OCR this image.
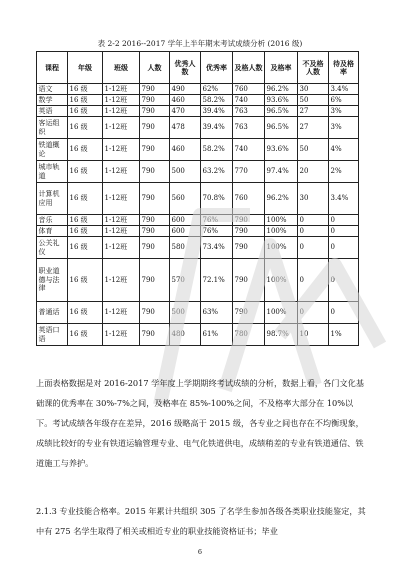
表 2-2 2016--2017 学年上半年期末考试成绩分析 (2016 级)
课程	年级	班级	人数	优秀人数	优秀率	及格人数	及格率	不及格人数	待及格率
语文	16 级	1-12班	790	490	62%	760	96.2%	30	3.4%
数学	16 级	1-12班	790	460	58.2%	740	93.6%	50	6%
英语	16 级	1-12班	790	470	39.4%	763	96.5%	27	3%
客运组织	16 级	1-12班	790	478	39.4%	763	96.5%	27	3%
铁道概论	16 级	1-12班	790	460	58.2%	740	93.6%	50	4%
城市轨道	16 级	1-12班	790	500	63.2%	770	97.4%	20	2%
计算机应用	16 级	1-12班	790	560	70.8%	760	96.2%	30	3.4%
音乐	16 级	1-12班	790	600	76%	790	100%	0	0
体育	16 级	1-12班	790	600	76%	790	100%	0	0
公关礼仪	16 级	1-12班	790	580	73.4%	790	100%	0	0
职业道德与法律	16 级	1-12班	790	570	72.1%	790	100%	0	0
普通话	16 级	1-12班	790	500	63%	790	100%	0	0
英语口语	16 级	1-12班	790	480	61%	780	98.7%	10	1%

上面表格数据是对 2016-2017 学年度上学期期终考试成绩的分析，数据上看，各门文化基础课的优秀率在 30%-7%之间，及格率在 85%-100%之间，不及格率大部分在 10%以下。考试成绩各年级存在差异，2016 级略高于 2015 级，各专业之间也存在不均衡现象，成绩比较好的专业有铁道运输管理专业、电气化铁道供电，成绩稍差的专业有铁道通信、铁道施工与养护。

2.1.3 专业技能合格率。2015 年累计共组织 305 了名学生参加各级各类职业技能鉴定，其中有 275 名学生取得了相关或相近专业的职业技能资格证书；毕业

6
